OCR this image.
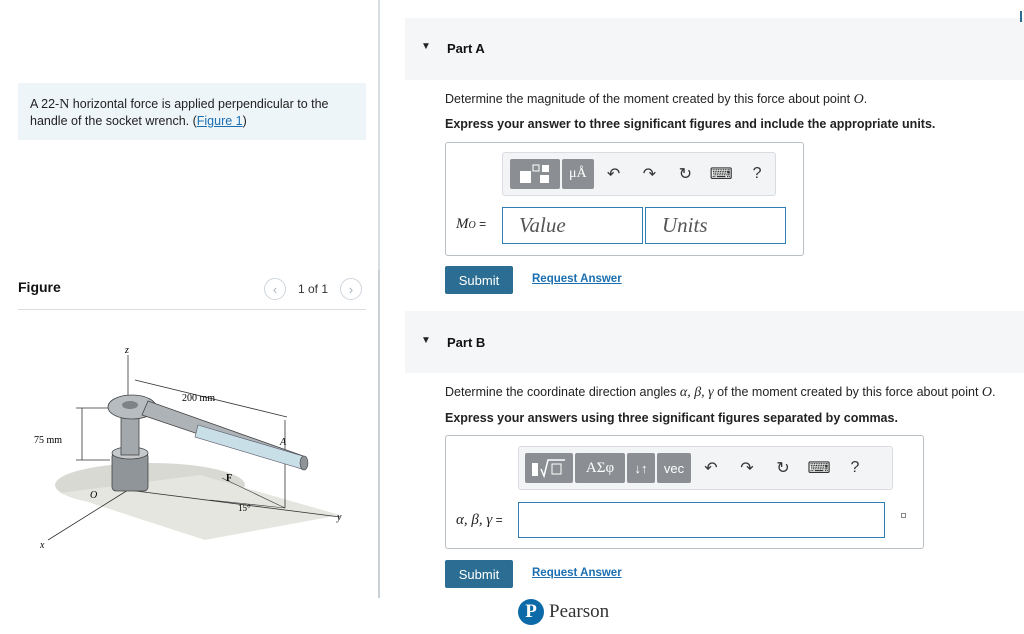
A 22-N horizontal force is applied perpendicular to the handle of the socket wrench. (Figure 1)
Figure	‹	1 of 1	›
z
200 mm
75 mm	A
F
O
15°
y
x
▼ Part A
Determine the magnitude of the moment created by this force about point O.
Express your answer to three significant figures and include the appropriate units.
μÅ	↶	↷	↻	⌨	?
MO =	Value	Units
Submit	Request Answer
▼ Part B
Determine the coordinate direction angles α, β, γ of the moment created by this force about point O.
Express your answers using three significant figures separated by commas.
ΑΣφ	↓↑	vec	↶	↷	↻	⌨	?
α, β, γ =
Submit	Request Answer
P Pearson
